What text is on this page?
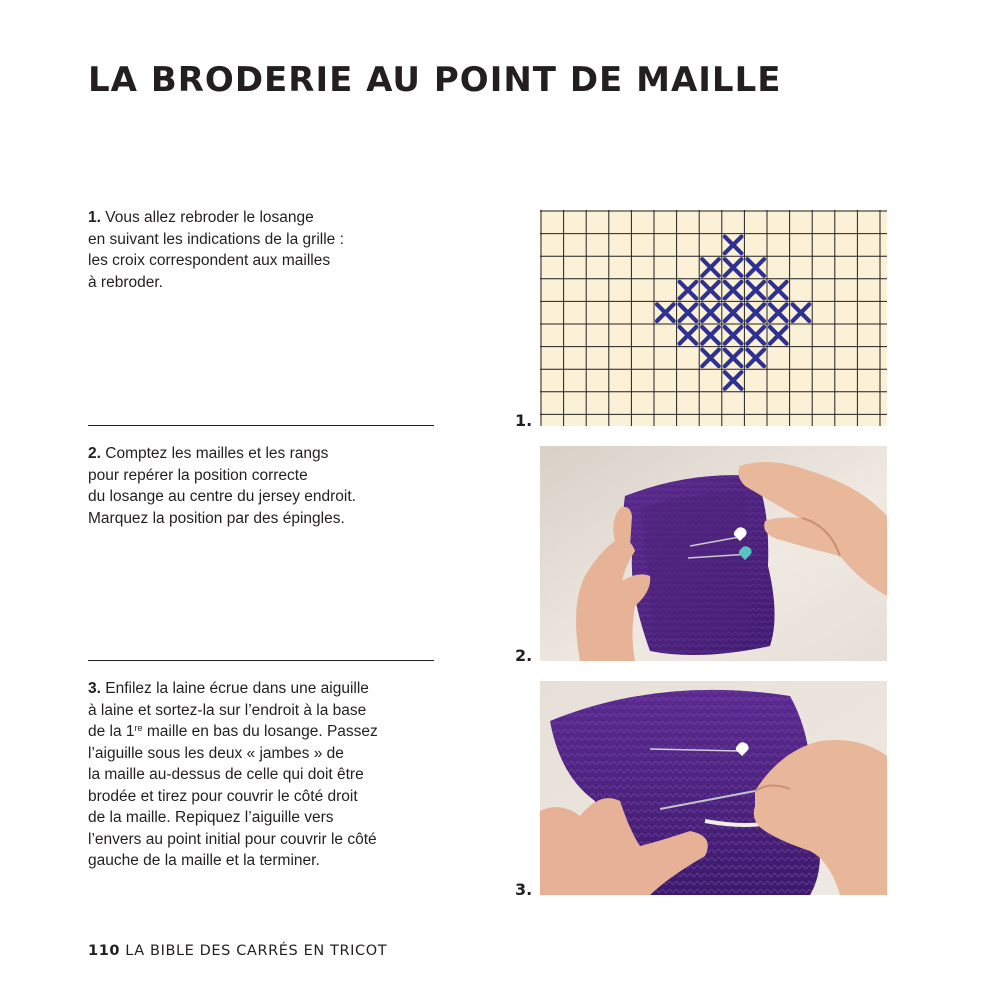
LA BRODERIE AU POINT DE MAILLE
1. Vous allez rebroder le losange
en suivant les indications de la grille :
les croix correspondent aux mailles
à rebroder.
2. Comptez les mailles et les rangs
pour repérer la position correcte
du losange au centre du jersey endroit.
Marquez la position par des épingles.
3. Enfilez la laine écrue dans une aiguille
à laine et sortez-la sur l’endroit à la base
de la 1re maille en bas du losange. Passez
l’aiguille sous les deux « jambes » de
la maille au-dessus de celle qui doit être
brodée et tirez pour couvrir le côté droit
de la maille. Repiquez l’aiguille vers
l’envers au point initial pour couvrir le côté
gauche de la maille et la terminer.
1.
2.
3.
110 LA BIBLE DES CARRÉS EN TRICOT
